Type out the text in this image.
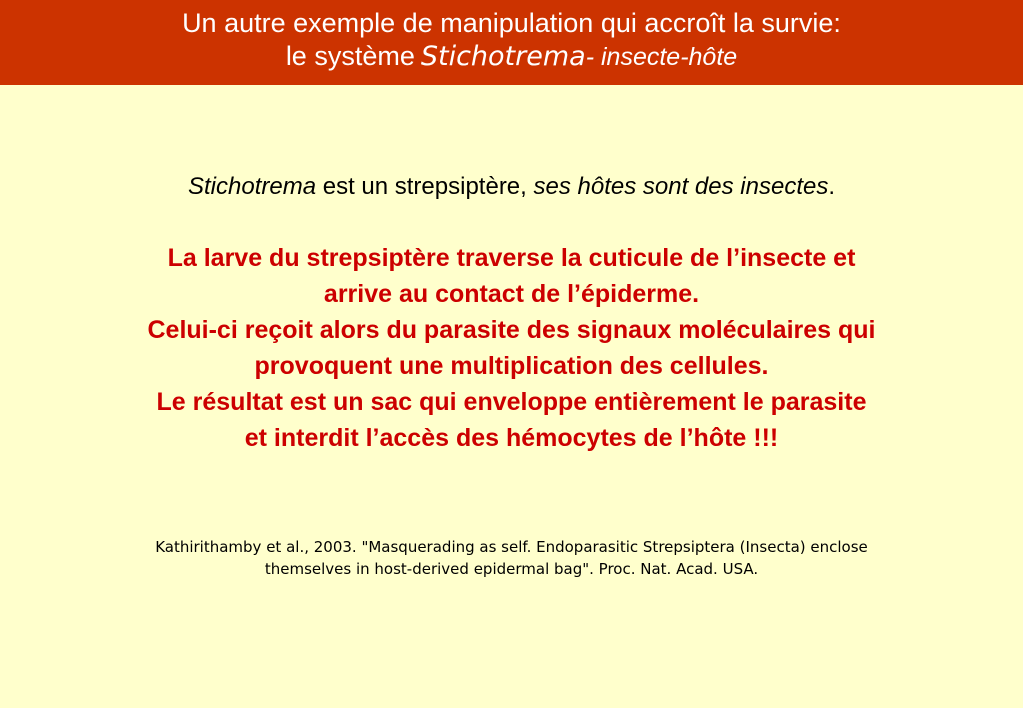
Un autre exemple de manipulation qui accroît la survie:
le système Stichotrema- insecte-hôte

Stichotrema est un strepsiptère, ses hôtes sont des insectes.

La larve du strepsiptère traverse la cuticule de l’insecte et
arrive au contact de l’épiderme.
Celui-ci reçoit alors du parasite des signaux moléculaires qui
provoquent une multiplication des cellules.
Le résultat est un sac qui enveloppe entièrement le parasite
et interdit l’accès des hémocytes de l’hôte !!!
Kathirithamby et al., 2003. "Masquerading as self. Endoparasitic Strepsiptera (Insecta) enclose
themselves in host-derived epidermal bag". Proc. Nat. Acad. USA.
